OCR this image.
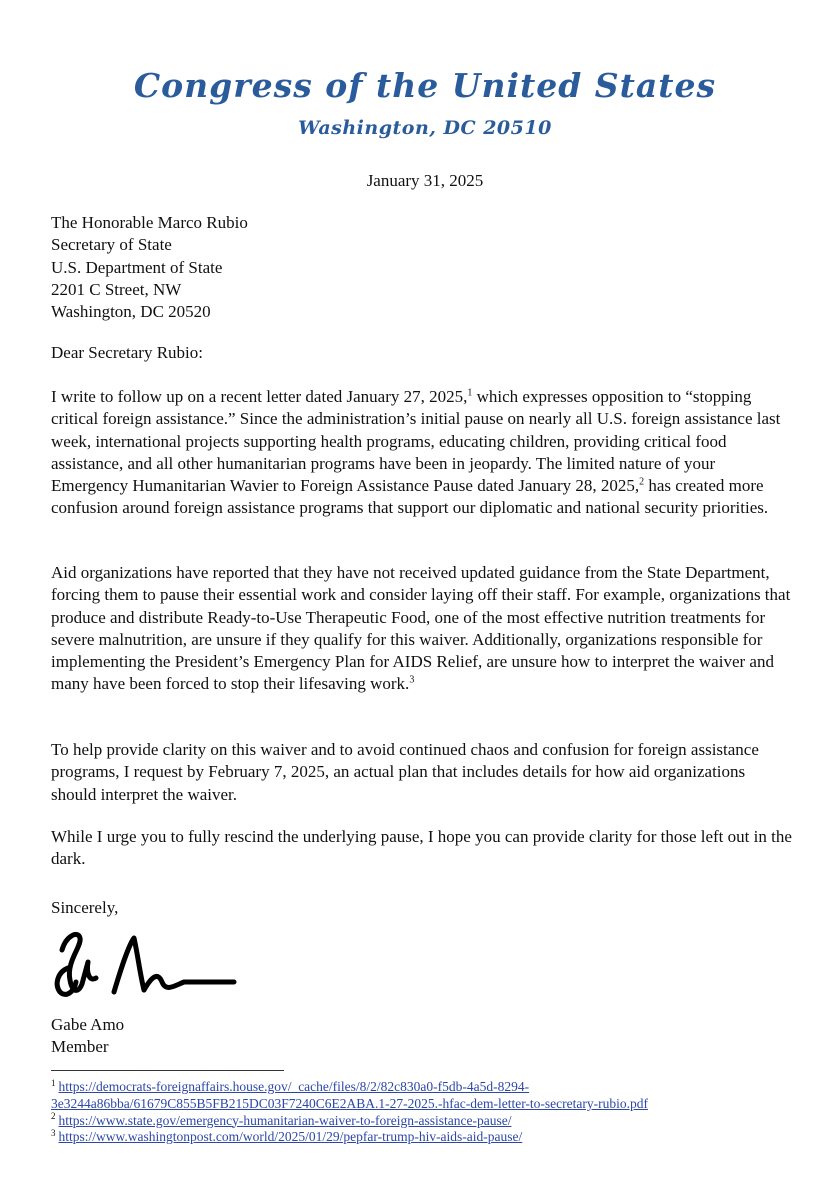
Congress of the United States
Washington, DC 20510
January 31, 2025
The Honorable Marco Rubio
Secretary of State
U.S. Department of State
2201 C Street, NW
Washington, DC 20520
Dear Secretary Rubio:

I write to follow up on a recent letter dated January 27, 2025,$^1$ which expresses opposition to “stopping critical foreign assistance.” Since the administration’s initial pause on nearly all U.S. foreign assistance last week, international projects supporting health programs, educating children, providing critical food assistance, and all other humanitarian programs have been in jeopardy. The limited nature of your Emergency Humanitarian Wavier to Foreign Assistance Pause dated January 28, 2025,$^2$ has created more confusion around foreign assistance programs that support our diplomatic and national security priorities.

Aid organizations have reported that they have not received updated guidance from the State Department, forcing them to pause their essential work and consider laying off their staff. For example, organizations that produce and distribute Ready-to-Use Therapeutic Food, one of the most effective nutrition treatments for severe malnutrition, are unsure if they qualify for this waiver. Additionally, organizations responsible for implementing the President’s Emergency Plan for AIDS Relief, are unsure how to interpret the waiver and many have been forced to stop their lifesaving work.$^3$

To help provide clarity on this waiver and to avoid continued chaos and confusion for foreign assistance programs, I request by February 7, 2025, an actual plan that includes details for how aid organizations should interpret the waiver.

While I urge you to fully rescind the underlying pause, I hope you can provide clarity for those left out in the dark.

Sincerely,
Gabe Amo
Member

$^1$ https://democrats-foreignaffairs.house.gov/_cache/files/8/2/82c830a0-f5db-4a5d-8294-
3e3244a86bba/61679C855B5FB215DC03F7240C6E2ABA.1-27-2025.-hfac-dem-letter-to-secretary-rubio.pdf

$^2$ https://www.state.gov/emergency-humanitarian-waiver-to-foreign-assistance-pause/

$^3$ https://www.washingtonpost.com/world/2025/01/29/pepfar-trump-hiv-aids-aid-pause/
